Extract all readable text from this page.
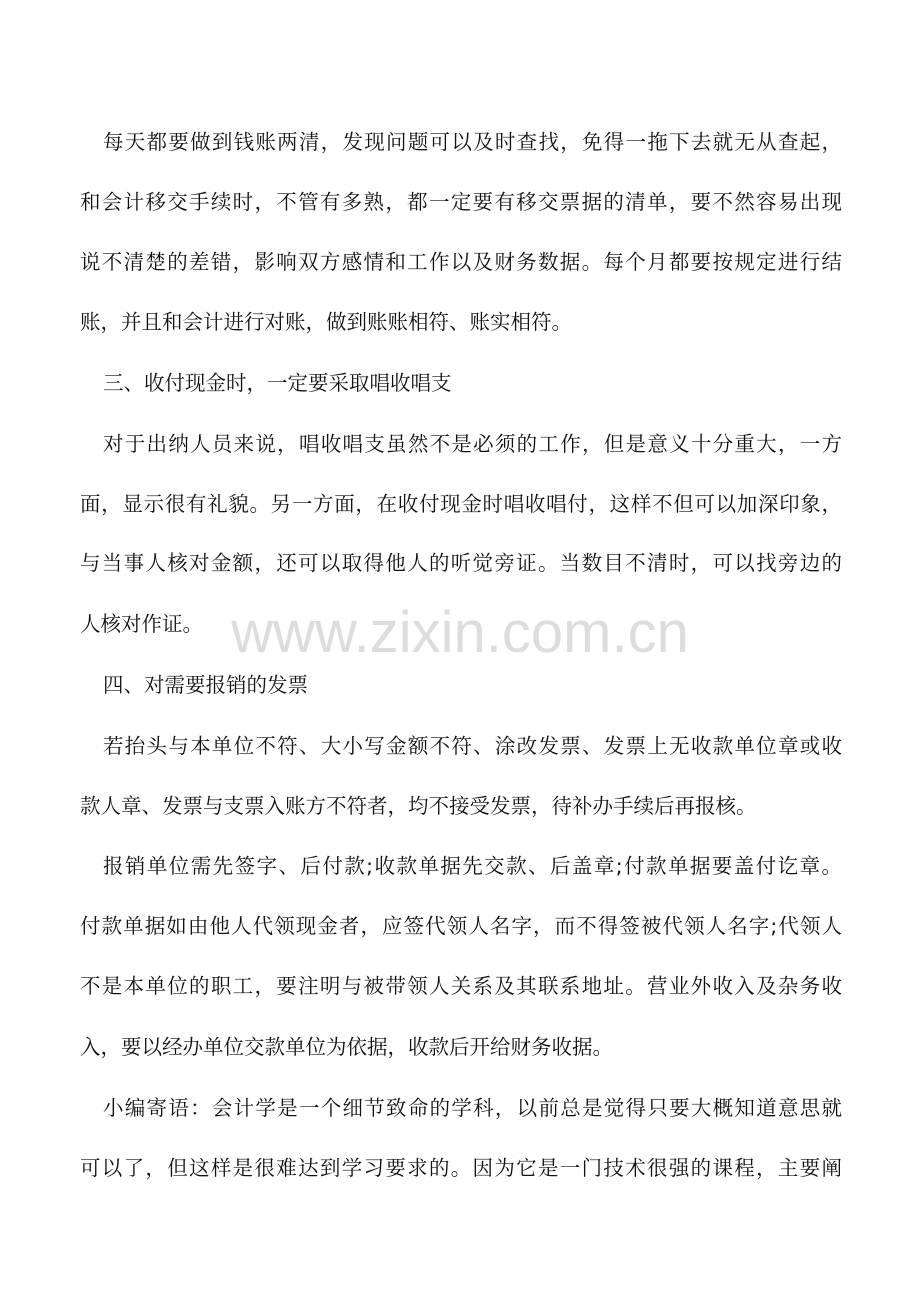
每天都要做到钱账两清，发现问题可以及时查找，免得一拖下去就无从查起，
和会计移交手续时，不管有多熟，都一定要有移交票据的清单，要不然容易出现
说不清楚的差错，影响双方感情和工作以及财务数据。每个月都要按规定进行结
账，并且和会计进行对账，做到账账相符、账实相符。
三、收付现金时，一定要采取唱收唱支
对于出纳人员来说，唱收唱支虽然不是必须的工作，但是意义十分重大，一方
面，显示很有礼貌。另一方面，在收付现金时唱收唱付，这样不但可以加深印象，
与当事人核对金额，还可以取得他人的听觉旁证。当数目不清时，可以找旁边的
人核对作证。
四、对需要报销的发票
若抬头与本单位不符、大小写金额不符、涂改发票、发票上无收款单位章或收
款人章、发票与支票入账方不符者，均不接受发票，待补办手续后再报核。
报销单位需先签字、后付款;收款单据先交款、后盖章;付款单据要盖付讫章。
付款单据如由他人代领现金者，应签代领人名字，而不得签被代领人名字;代领人
不是本单位的职工，要注明与被带领人关系及其联系地址。营业外收入及杂务收
入，要以经办单位交款单位为依据，收款后开给财务收据。
小编寄语：会计学是一个细节致命的学科，以前总是觉得只要大概知道意思就
可以了，但这样是很难达到学习要求的。因为它是一门技术很强的课程，主要阐
www.zixin.com.cn
